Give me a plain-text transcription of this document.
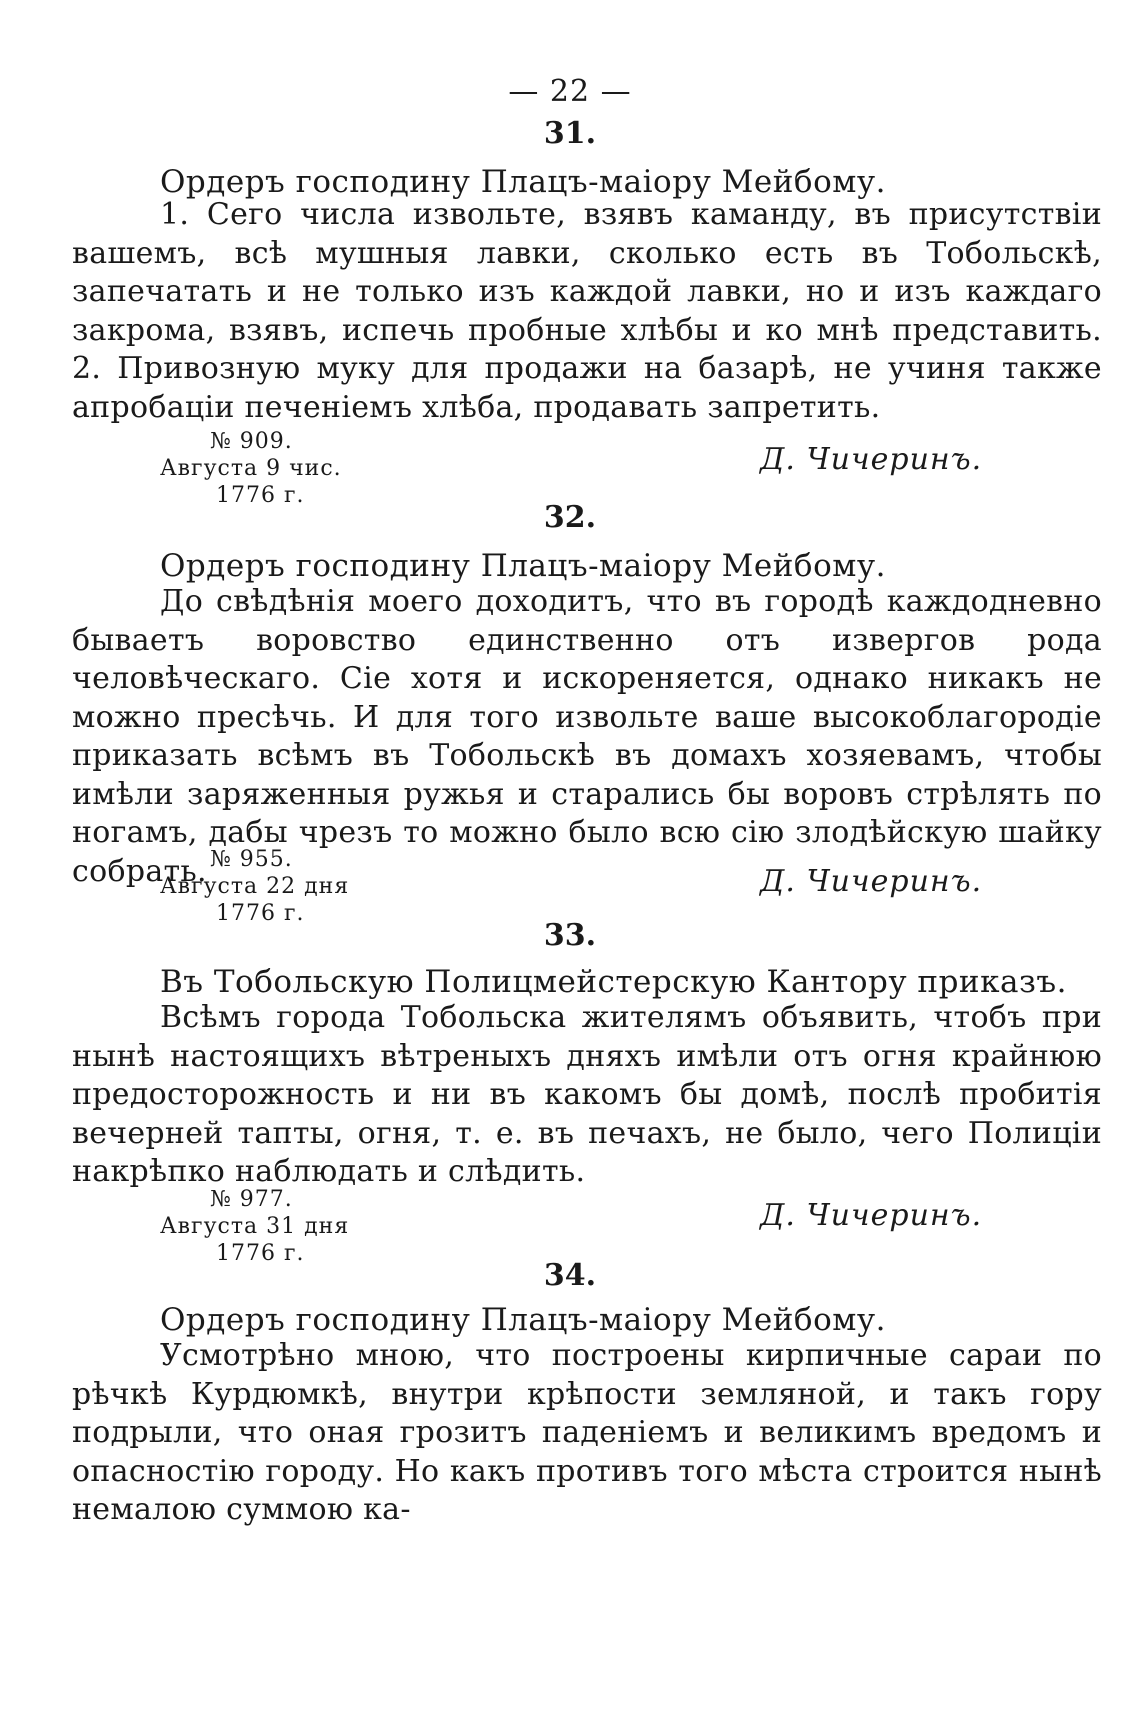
— 22 —
31.
Ордеръ господину Плацъ-маіору Мейбому.

1. Сего числа извольте, взявъ каманду, въ присутствіи вашемъ, всѣ мушныя лавки, сколько есть въ Тобольскѣ, запечатать и не только изъ каждой лавки, но и изъ каждаго закрома, взявъ, испечь пробные хлѣбы и ко мнѣ представить. 2. Привозную муку для продажи на базарѣ, не учиня также апробаціи печеніемъ хлѣба, продавать запретить.

№ 909.
Августа 9 чис.
1776 г.
Д. Чичеринъ.
32.
Ордеръ господину Плацъ-маіору Мейбому.

До свѣдѣнія моего доходитъ, что въ городѣ каждодневно бываетъ воровство единственно отъ извергов рода человѣческаго. Сіе хотя и искореняется, однако никакъ не можно пресѣчь. И для того извольте ваше высокоблагородіе приказать всѣмъ въ Тобольскѣ въ домахъ хозяевамъ, чтобы имѣли заряженныя ружья и старались бы воровъ стрѣлять по ногамъ, дабы чрезъ то можно было всю сію злодѣйскую шайку собрать. № 955.
Августа 22 дня
1776 г.
Д. Чичеринъ.
33.
Въ Тобольскую Полицмейстерскую Кантору приказъ.

Всѣмъ города Тобольска жителямъ объявить, чтобъ при нынѣ настоящихъ вѣтреныхъ дняхъ имѣли отъ огня крайнюю предосторожность и ни въ какомъ бы домѣ, послѣ пробитія вечерней тапты, огня, т. е. въ печахъ, не было, чего Полиціи накрѣпко наблюдать и слѣдить.

№ 977.
Августа 31 дня
1776 г.
Д. Чичеринъ.
34.
Ордеръ господину Плацъ-маіору Мейбому.

Усмотрѣно мною, что построены кирпичные сараи по рѣчкѣ Курдюмкѣ, внутри крѣпости земляной, и такъ гору подрыли, что оная грозитъ паденіемъ и великимъ вредомъ и опасностію городу. Но какъ противъ того мѣста строится нынѣ немалою суммою ка-
